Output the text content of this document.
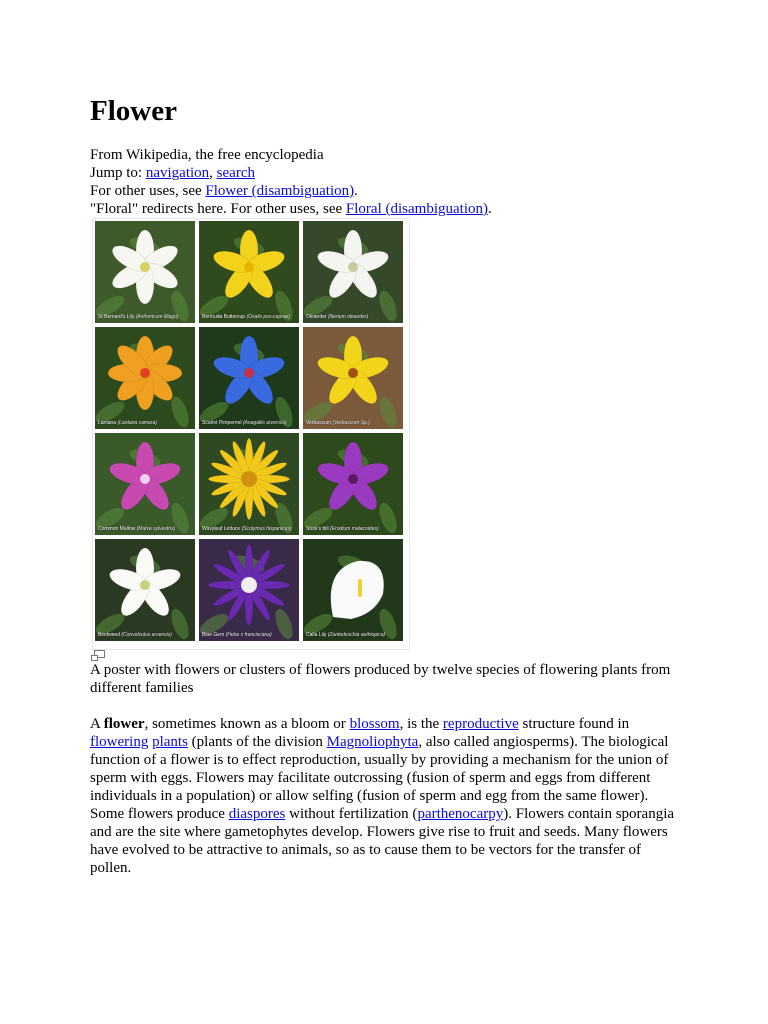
Flower
From Wikipedia, the free encyclopedia
Jump to: navigation, search
For other uses, see Flower (disambiguation).
"Floral" redirects here. For other uses, see Floral (disambiguation).
St Bernard's Lily (Anthericum liliago)	Bermuda Buttercup (Oxalis pes-caprae)	Oleander (Nerium oleander)
Lantana (Lantana camara)	Scarlet Pimpernel (Anagallis arvensis)	Verbascum (Verbascum Sp.)
Common Mallow (Malva sylvestris)	Wavyleaf Lettuce (Scolymus hispanicus)	Stork's bill (Erodium malacoides)
Bindweed (Convolvulus arvensis)	Blue Gem (Hebe x franciscana)	Calla Lily (Zantedeschia aethiopica)
A poster with flowers or clusters of flowers produced by twelve species of flowering plants from different families
A flower, sometimes known as a bloom or blossom, is the reproductive structure found in
flowering plants (plants of the division Magnoliophyta, also called angiosperms). The biological
function of a flower is to effect reproduction, usually by providing a mechanism for the union of
sperm with eggs. Flowers may facilitate outcrossing (fusion of sperm and eggs from different
individuals in a population) or allow selfing (fusion of sperm and egg from the same flower).
Some flowers produce diaspores without fertilization (parthenocarpy). Flowers contain sporangia
and are the site where gametophytes develop. Flowers give rise to fruit and seeds. Many flowers
have evolved to be attractive to animals, so as to cause them to be vectors for the transfer of
pollen.
